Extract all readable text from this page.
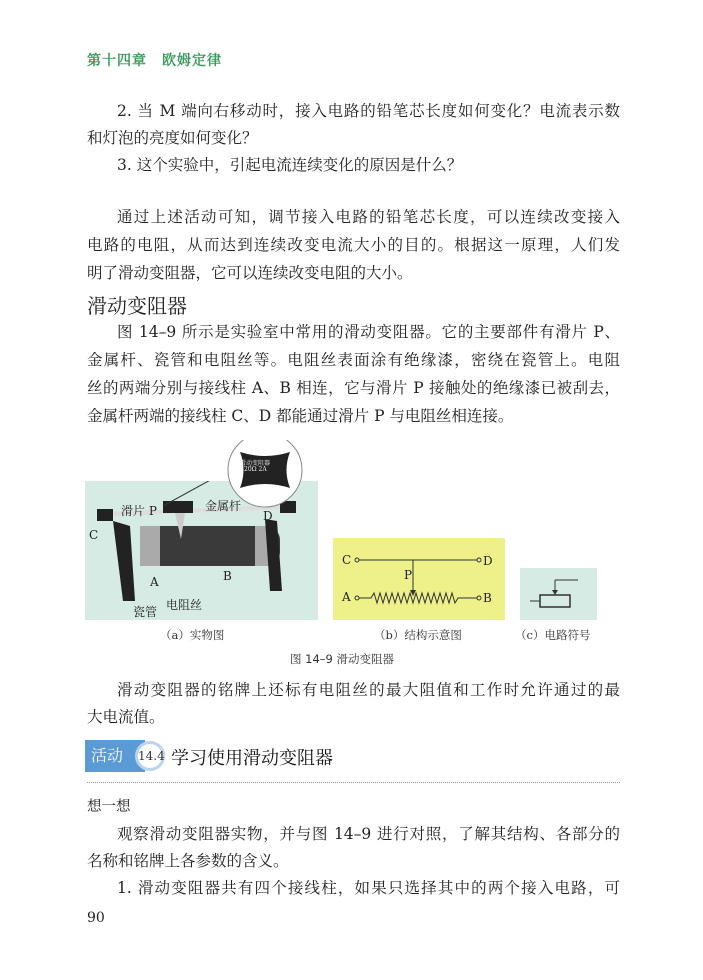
第十四章　欧姆定律
2. 当 M 端向右移动时，接入电路的铅笔芯长度如何变化？电流表示数
和灯泡的亮度如何变化？
3. 这个实验中，引起电流连续变化的原因是什么？
通过上述活动可知，调节接入电路的铅笔芯长度，可以连续改变接入
电路的电阻，从而达到连续改变电流大小的目的。根据这一原理，人们发
明了滑动变阻器，它可以连续改变电阻的大小。
滑动变阻器
图 14–9 所示是实验室中常用的滑动变阻器。它的主要部件有滑片 P、
金属杆、瓷管和电阻丝等。电阻丝表面涂有绝缘漆，密绕在瓷管上。电阻
丝的两端分别与接线柱 A、B 相连，它与滑片 P 接触处的绝缘漆已被刮去，
金属杆两端的接线柱 C、D 都能通过滑片 P 与电阻丝相连接。
滑动变阻器
20Ω 2A
滑片 P	金属杆
C
D
A	B
电阻丝
瓷管
C	D
P
A	B
（a）实物图	（b）结构示意图	（c）电路符号
图 14–9 滑动变阻器
滑动变阻器的铭牌上还标有电阻丝的最大阻值和工作时允许通过的最
大电流值。
活动	14.4 学习使用滑动变阻器
想一想
观察滑动变阻器实物，并与图 14–9 进行对照，了解其结构、各部分的
名称和铭牌上各参数的含义。
1. 滑动变阻器共有四个接线柱，如果只选择其中的两个接入电路，可
90
